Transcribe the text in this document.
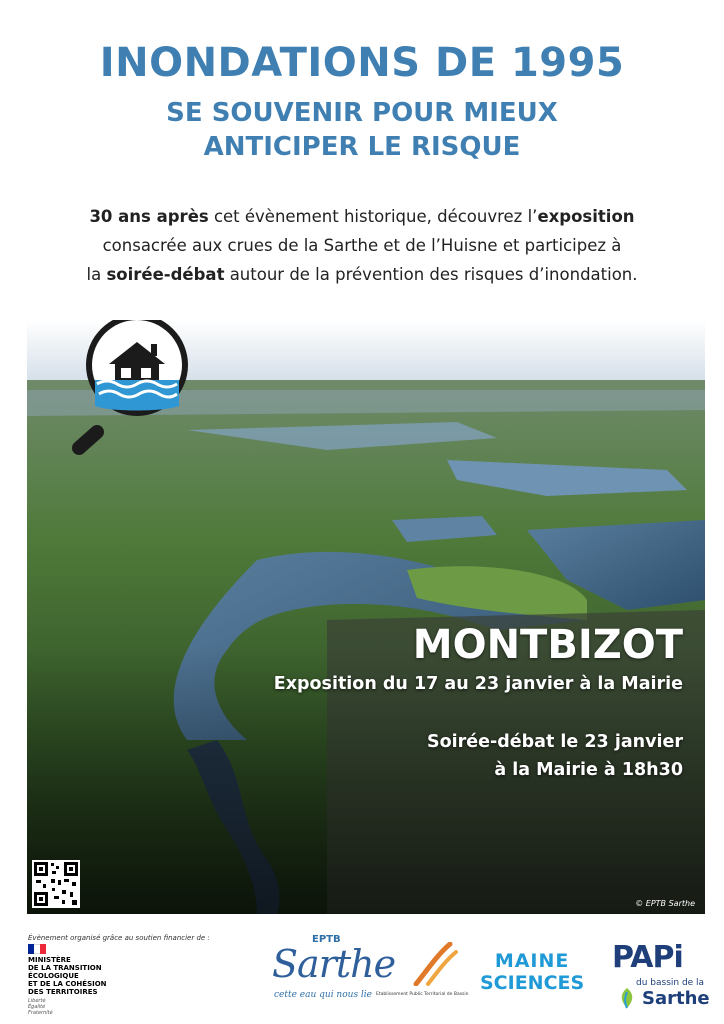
INONDATIONS DE 1995
SE SOUVENIR POUR MIEUX
ANTICIPER LE RISQUE
30 ans après cet évènement historique, découvrez l’exposition
consacrée aux crues de la Sarthe et de l’Huisne et participez à
la soirée-débat autour de la prévention des risques d’inondation.
MONTBIZOT
Exposition du 17 au 23 janvier à la Mairie
Soirée-débat le 23 janvier
à la Mairie à 18h30
© EPTB Sarthe
Évènement organisé grâce au soutien financier de :
MINISTÈRE
DE LA TRANSITION
ÉCOLOGIQUE
ET DE LA COHÉSION
DES TERRITOIRES
Liberté
Égalité
Fraternité
EPTB
Sarthe
cette eau qui nous lie Etablissement Public Territorial de Bassin
MAINE
SCIENCES
PAPi
du bassin de la
Sarthe
